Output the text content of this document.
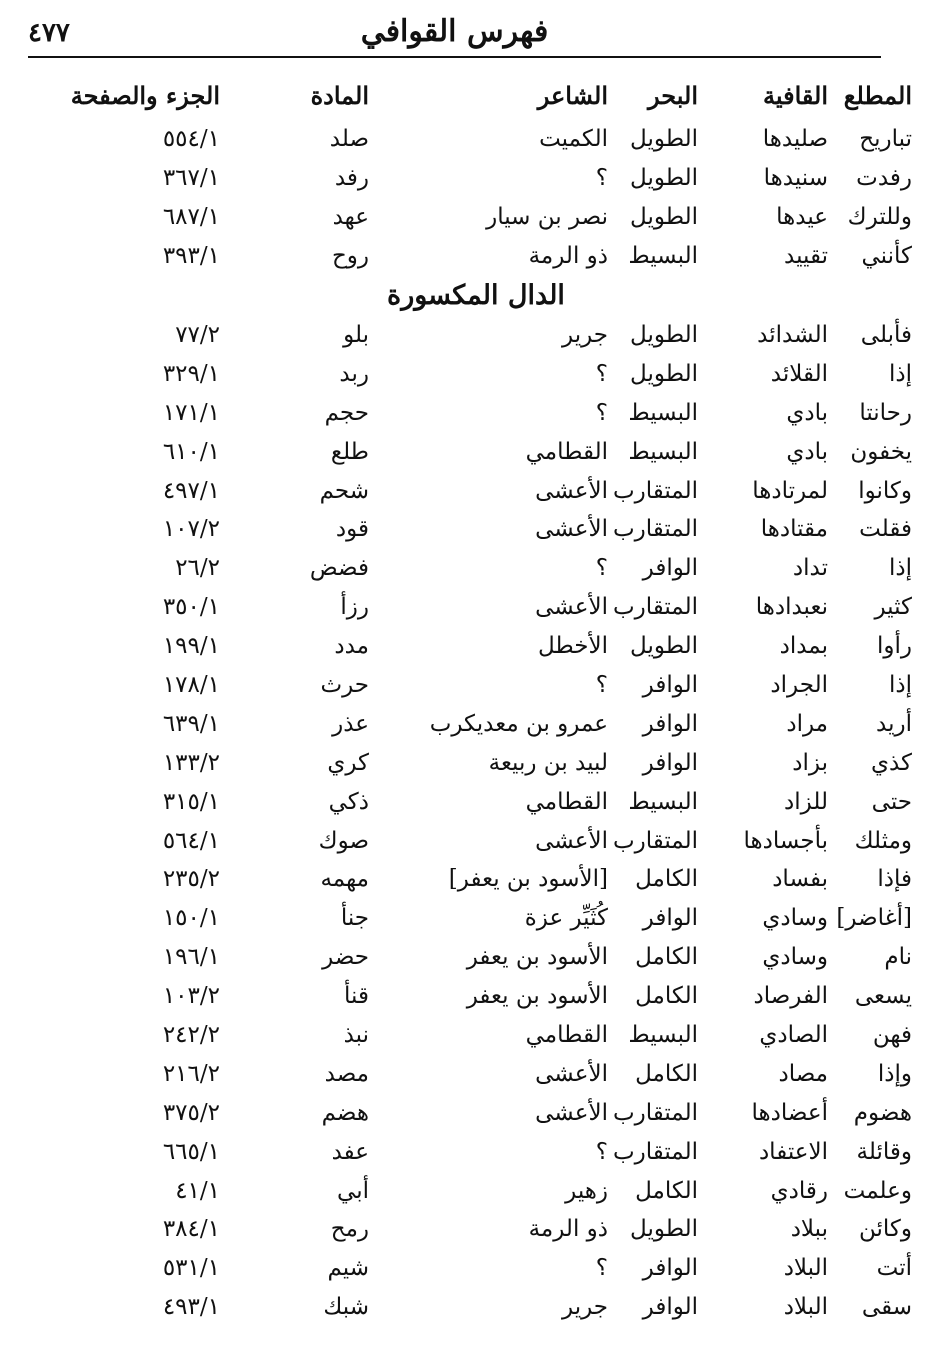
فهرس القوافي
٤٧٧
المطلع	القافية	البحر	الشاعر	المادة	الجزء والصفحة
تباريح	صليدها	الطويل	الكميت	صلد	٥٥٤/١
رفدت	سنيدها	الطويل	؟	رفد	٣٦٧/١
وللترك	عيدها	الطويل	نصر بن سيار	عهد	٦٨٧/١
كأنني	تقييد	البسيط	ذو الرمة	روح	٣٩٣/١
الدال المكسورة					
فأبلى	الشدائد	الطويل	جرير	بلو	٧٧/٢
إذا	القلائد	الطويل	؟	ربد	٣٢٩/١
رحانتا	بادي	البسيط	؟	حجم	١٧١/١
يخفون	بادي	البسيط	القطامي	طلع	٦١٠/١
وكانوا	لمرتادها	المتقارب	الأعشى	شحم	٤٩٧/١
فقلت	مقتادها	المتقارب	الأعشى	قود	١٠٧/٢
إذا	تداد	الوافر	؟	فضض	٢٦/٢
كثير	نعبدادها	المتقارب	الأعشى	رزأ	٣٥٠/١
رأوا	بمداد	الطويل	الأخطل	مدد	١٩٩/١
إذا	الجراد	الوافر	؟	حرث	١٧٨/١
أريد	مراد	الوافر	عمرو بن معديكرب	عذر	٦٣٩/١
كذي	بزاد	الوافر	لبيد بن ربيعة	كري	١٣٣/٢
حتى	للزاد	البسيط	القطامي	ذكي	٣١٥/١
ومثلك	بأجسادها	المتقارب	الأعشى	صوك	٥٦٤/١
فإذا	بفساد	الكامل	[الأسود بن يعفر]	مهمه	٢٣٥/٢
[أغاضر]	وسادي	الوافر	كُثَيِّر عزة	جنأ	١٥٠/١
نام	وسادي	الكامل	الأسود بن يعفر	حضر	١٩٦/١
يسعى	الفرصاد	الكامل	الأسود بن يعفر	قنأ	١٠٣/٢
فهن	الصادي	البسيط	القطامي	نبذ	٢٤٢/٢
وإذا	مصاد	الكامل	الأعشى	مصد	٢١٦/٢
هضوم	أعضادها	المتقارب	الأعشى	هضم	٣٧٥/٢
وقائلة	الاعتفاد	المتقارب	؟	عفد	٦٦٥/١
وعلمت	رقادي	الكامل	زهير	أبي	٤١/١
وكائن	ببلاد	الطويل	ذو الرمة	رمح	٣٨٤/١
أتت	البلاد	الوافر	؟	شيم	٥٣١/١
سقى	البلاد	الوافر	جرير	شبك	٤٩٣/١
